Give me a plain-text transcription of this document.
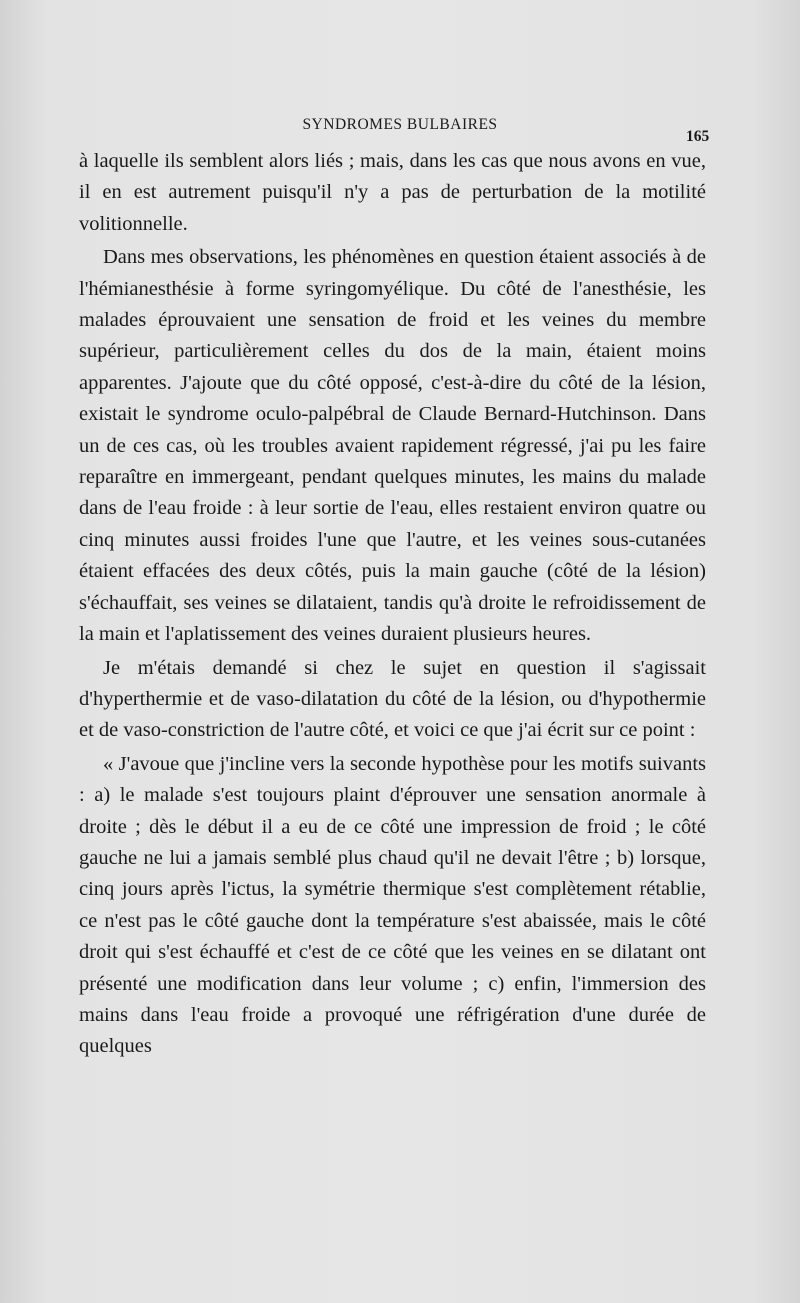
SYNDROMES BULBAIRES
165

à laquelle ils semblent alors liés ; mais, dans les cas que nous avons en vue, il en est autrement puisqu'il n'y a pas de perturbation de la motilité volitionnelle.

Dans mes observations, les phénomènes en question étaient associés à de l'hémianesthésie à forme syringomyélique. Du côté de l'anesthésie, les malades éprouvaient une sensation de froid et les veines du membre supérieur, particulièrement celles du dos de la main, étaient moins apparentes. J'ajoute que du côté opposé, c'est-à-dire du côté de la lésion, existait le syndrome oculo-palpébral de Claude Bernard-Hutchinson. Dans un de ces cas, où les troubles avaient rapidement régressé, j'ai pu les faire reparaître en immergeant, pendant quelques minutes, les mains du malade dans de l'eau froide : à leur sortie de l'eau, elles restaient environ quatre ou cinq minutes aussi froides l'une que l'autre, et les veines sous-cutanées étaient effacées des deux côtés, puis la main gauche (côté de la lésion) s'échauffait, ses veines se dilataient, tandis qu'à droite le refroidissement de la main et l'aplatissement des veines duraient plusieurs heures.

Je m'étais demandé si chez le sujet en question il s'agissait d'hyperthermie et de vaso-dilatation du côté de la lésion, ou d'hypothermie et de vaso-constriction de l'autre côté, et voici ce que j'ai écrit sur ce point :

« J'avoue que j'incline vers la seconde hypothèse pour les motifs suivants : a) le malade s'est toujours plaint d'éprouver une sensation anormale à droite ; dès le début il a eu de ce côté une impression de froid ; le côté gauche ne lui a jamais semblé plus chaud qu'il ne devait l'être ; b) lorsque, cinq jours après l'ictus, la symétrie thermique s'est complètement rétablie, ce n'est pas le côté gauche dont la température s'est abaissée, mais le côté droit qui s'est échauffé et c'est de ce côté que les veines en se dilatant ont présenté une modification dans leur volume ; c) enfin, l'immersion des mains dans l'eau froide a provoqué une réfrigération d'une durée de quelques
